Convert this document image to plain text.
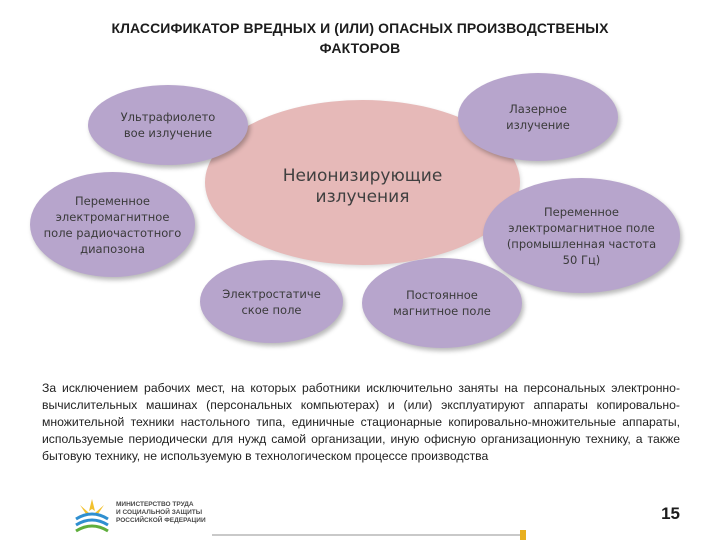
КЛАССИФИКАТОР ВРЕДНЫХ И (ИЛИ) ОПАСНЫХ ПРОИЗВОДСТВЕНЫХ
ФАКТОРОВ
Неионизирующие
излучения
Ультрафиолето
вое излучение
Лазерное
излучение
Переменное
электромагнитное
поле радиочастотного
диапозона
Переменное
электромагнитное поле
(промышленная частота
50 Гц)
Электростатиче
ское поле
Постоянное
магнитное поле

За исключением рабочих мест, на которых работники исключительно заняты на персональных электронно-вычислительных машинах (персональных компьютерах) и (или) эксплуатируют аппараты копировально-множительной техники настольного типа, единичные стационарные копировально-множительные аппараты, используемые периодически для нужд самой организации, иную офисную организационную технику, а также бытовую технику, не используемую в технологическом процессе производства

МИНИСТЕРСТВО ТРУДА
И СОЦИАЛЬНОЙ ЗАЩИТЫ
РОССИЙСКОЙ ФЕДЕРАЦИИ	15
